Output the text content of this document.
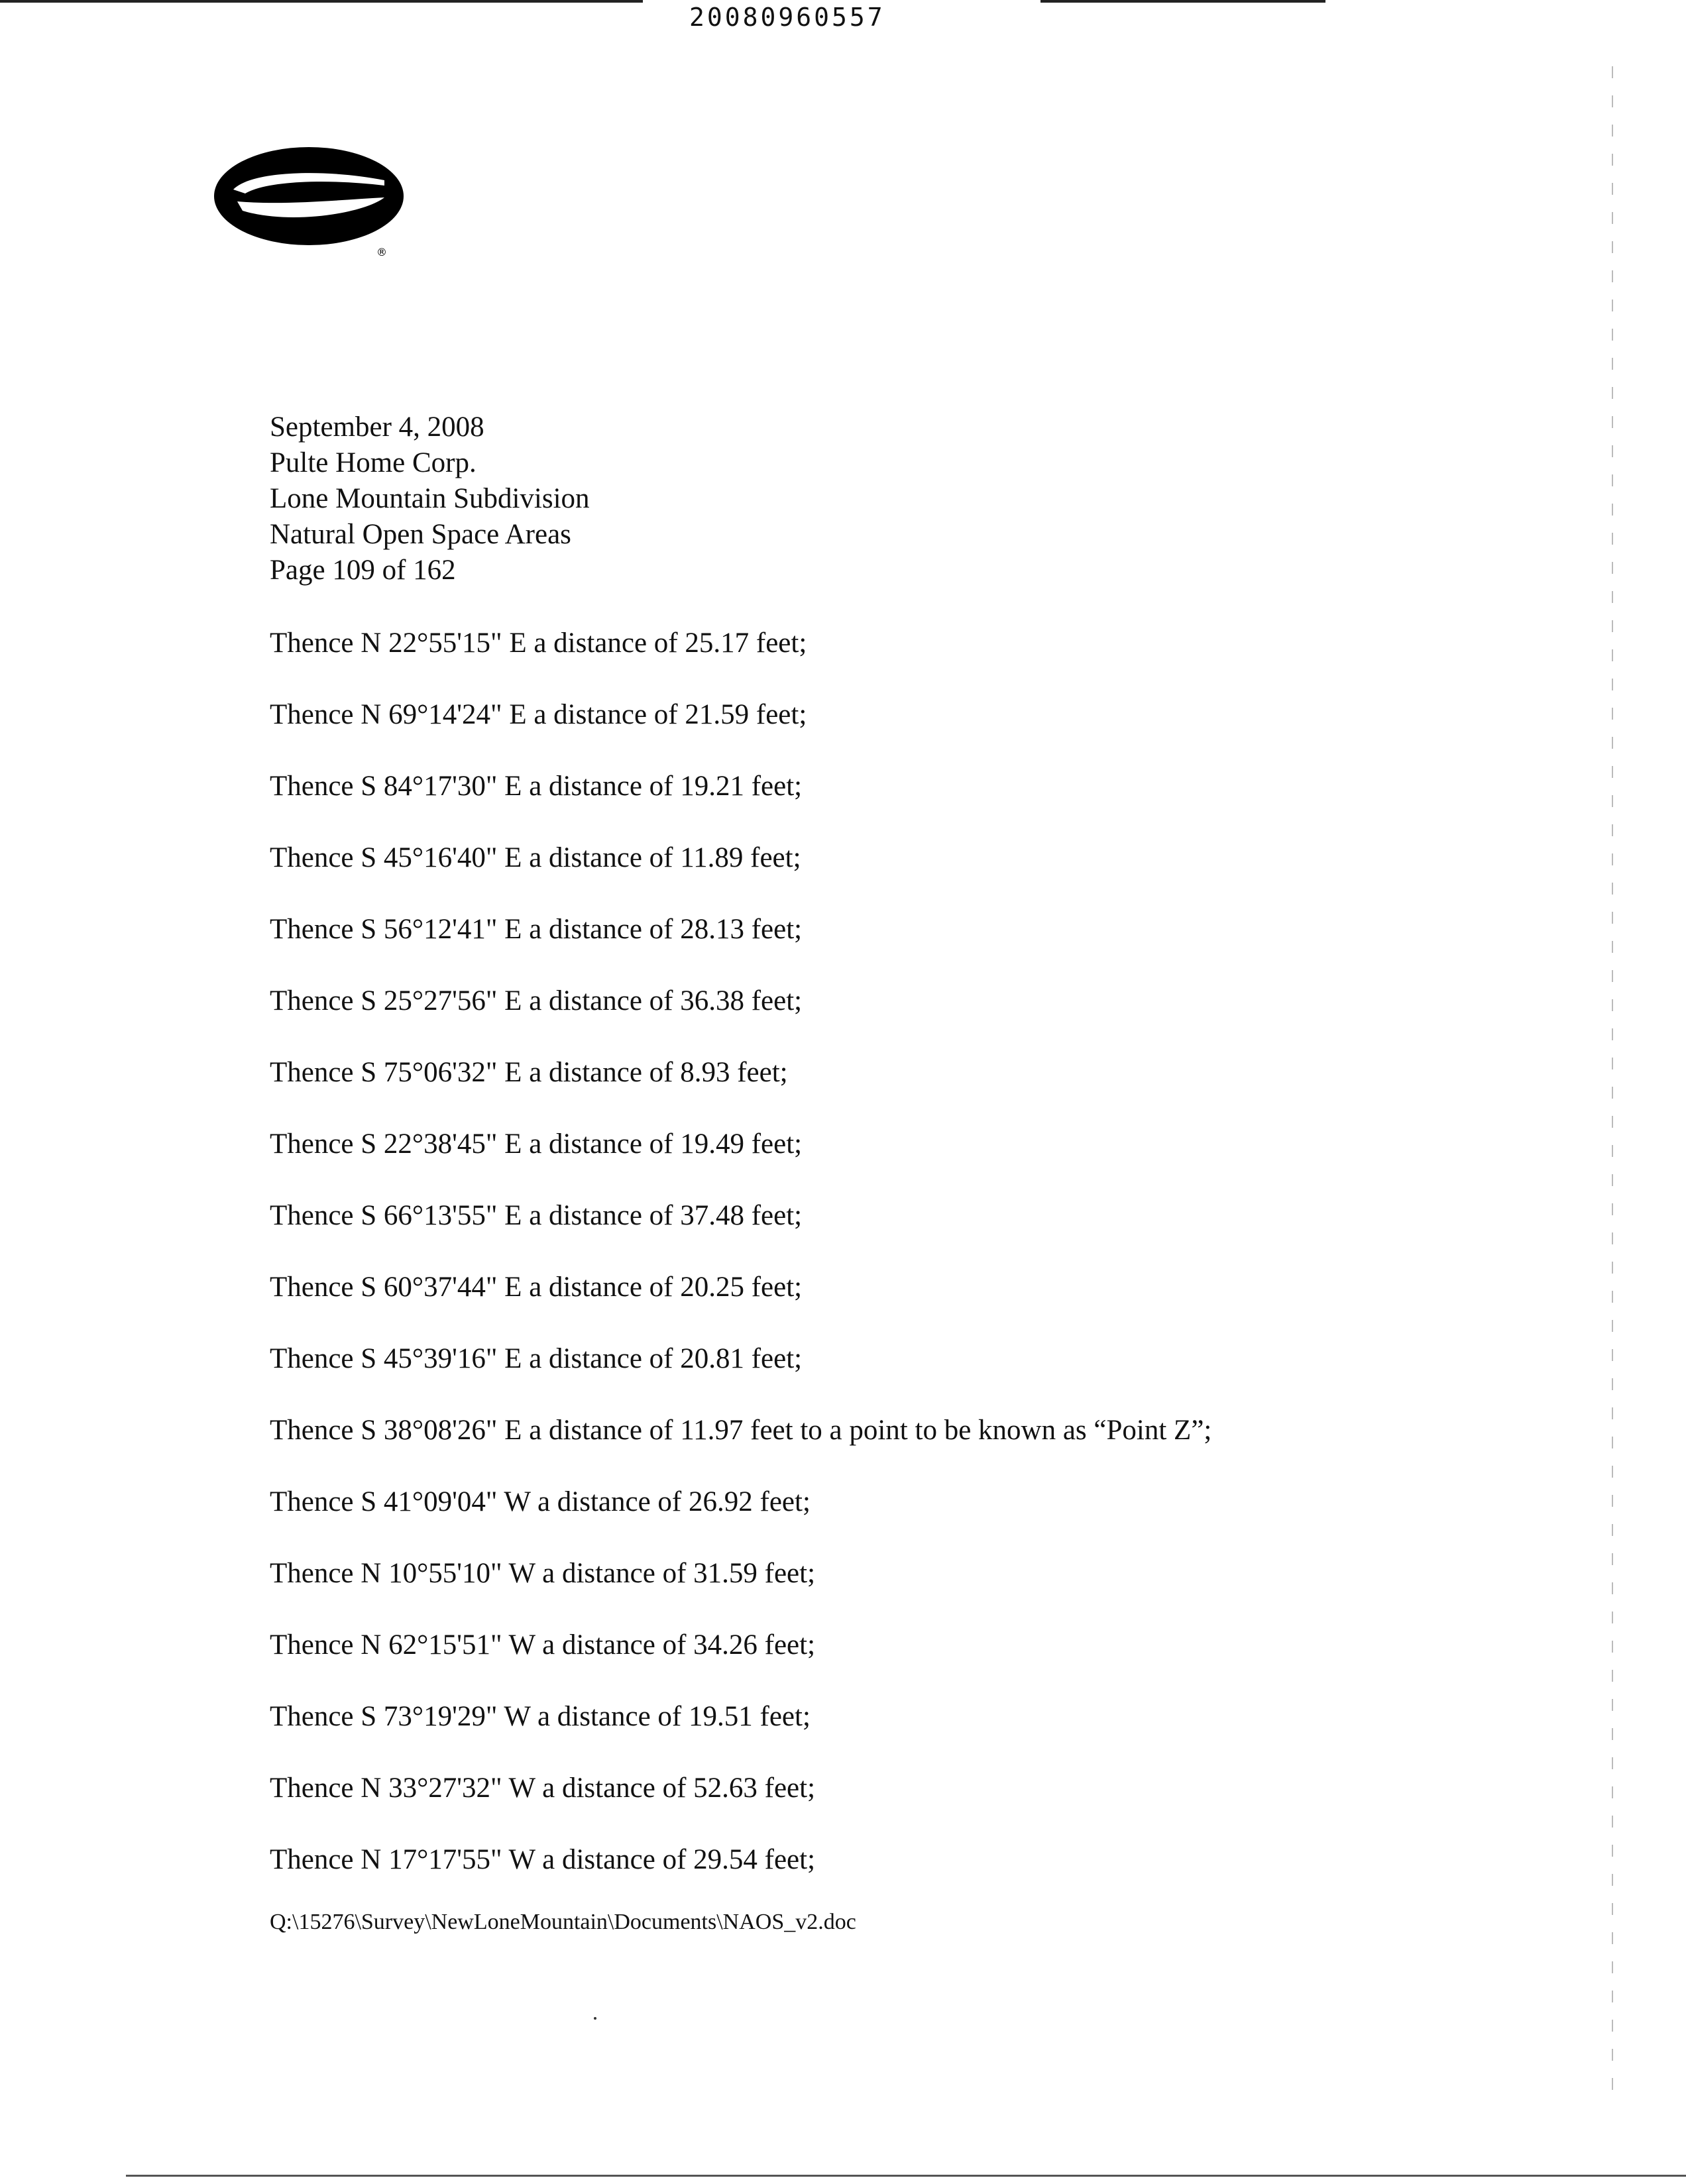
20080960557
®
September 4, 2008
Pulte Home Corp.
Lone Mountain Subdivision
Natural Open Space Areas
Page 109 of 162
Thence N 22°55'15" E a distance of 25.17 feet;
Thence N 69°14'24" E a distance of 21.59 feet;
Thence S 84°17'30" E a distance of 19.21 feet;
Thence S 45°16'40" E a distance of 11.89 feet;
Thence S 56°12'41" E a distance of 28.13 feet;
Thence S 25°27'56" E a distance of 36.38 feet;
Thence S 75°06'32" E a distance of 8.93 feet;
Thence S 22°38'45" E a distance of 19.49 feet;
Thence S 66°13'55" E a distance of 37.48 feet;
Thence S 60°37'44" E a distance of 20.25 feet;
Thence S 45°39'16" E a distance of 20.81 feet;
Thence S 38°08'26" E a distance of 11.97 feet to a point to be known as “Point Z”;
Thence S 41°09'04" W a distance of 26.92 feet;
Thence N 10°55'10" W a distance of 31.59 feet;
Thence N 62°15'51" W a distance of 34.26 feet;
Thence S 73°19'29" W a distance of 19.51 feet;
Thence N 33°27'32" W a distance of 52.63 feet;
Thence N 17°17'55" W a distance of 29.54 feet;
Q:\15276\Survey\NewLoneMountain\Documents\NAOS_v2.doc
